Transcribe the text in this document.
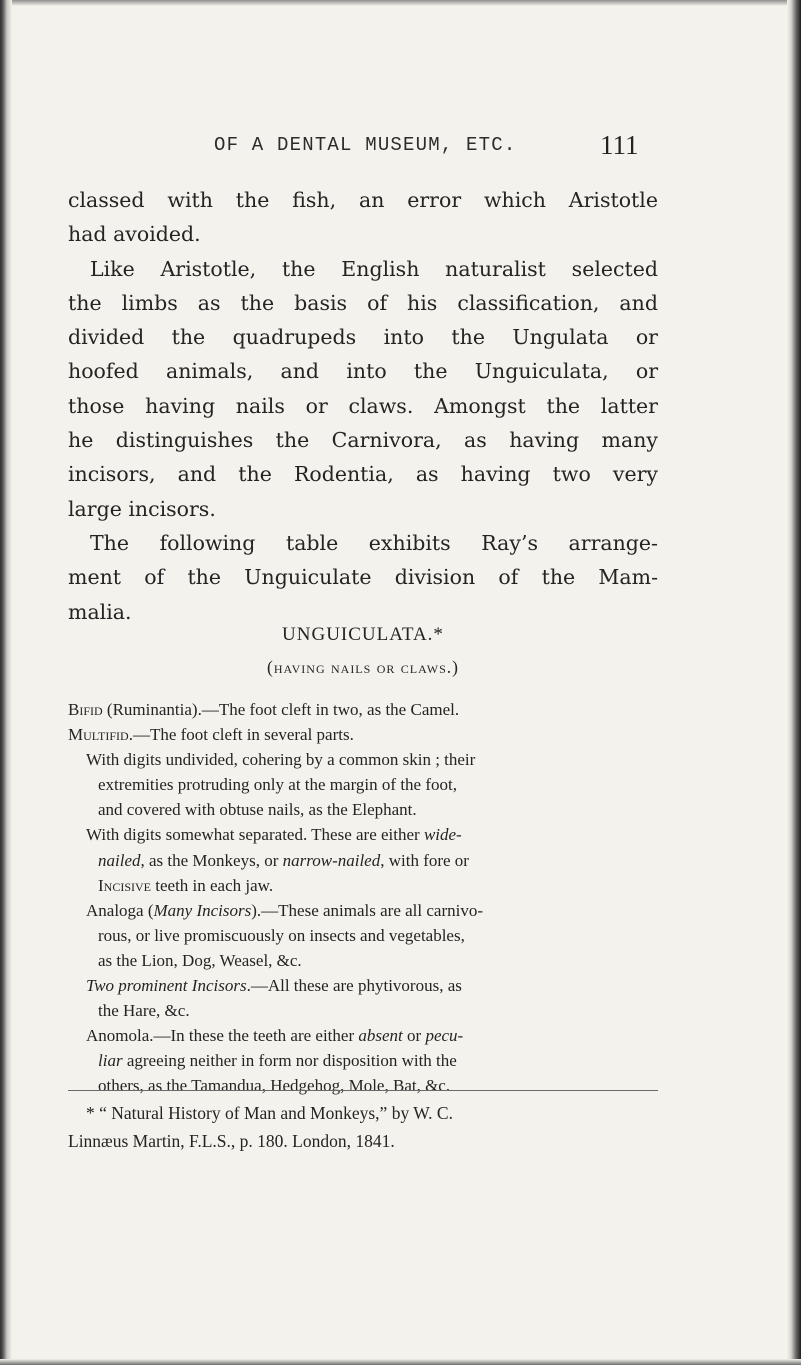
OF A DENTAL MUSEUM, ETC.	111
classed with the fish, an error which Aristotle
had avoided.
Like Aristotle, the English naturalist selected
the limbs as the basis of his classification, and
divided the quadrupeds into the Ungulata or
hoofed animals, and into the Unguiculata, or
those having nails or claws. Amongst the latter
he distinguishes the Carnivora, as having many
incisors, and the Rodentia, as having two very
large incisors.
The following table exhibits Ray’s arrange-
ment of the Unguiculate division of the Mam-
malia.
UNGUICULATA.*
(having nails or claws.)
Bifid (Ruminantia).—The foot cleft in two, as the Camel.
Multifid.—The foot cleft in several parts.
With digits undivided, cohering by a common skin ; their
extremities protruding only at the margin of the foot,
and covered with obtuse nails, as the Elephant.
With digits somewhat separated. These are either wide-
nailed, as the Monkeys, or narrow-nailed, with fore or
Incisive teeth in each jaw.
Analoga (Many Incisors).—These animals are all carnivo-
rous, or live promiscuously on insects and vegetables,
as the Lion, Dog, Weasel, &c.
Two prominent Incisors.—All these are phytivorous, as
the Hare, &c.
Anomola.—In these the teeth are either absent or pecu-
liar agreeing neither in form nor disposition with the
others, as the Tamandua, Hedgehog, Mole, Bat, &c.
* “ Natural History of Man and Monkeys,” by W. C.
Linnæus Martin, F.L.S., p. 180. London, 1841.
